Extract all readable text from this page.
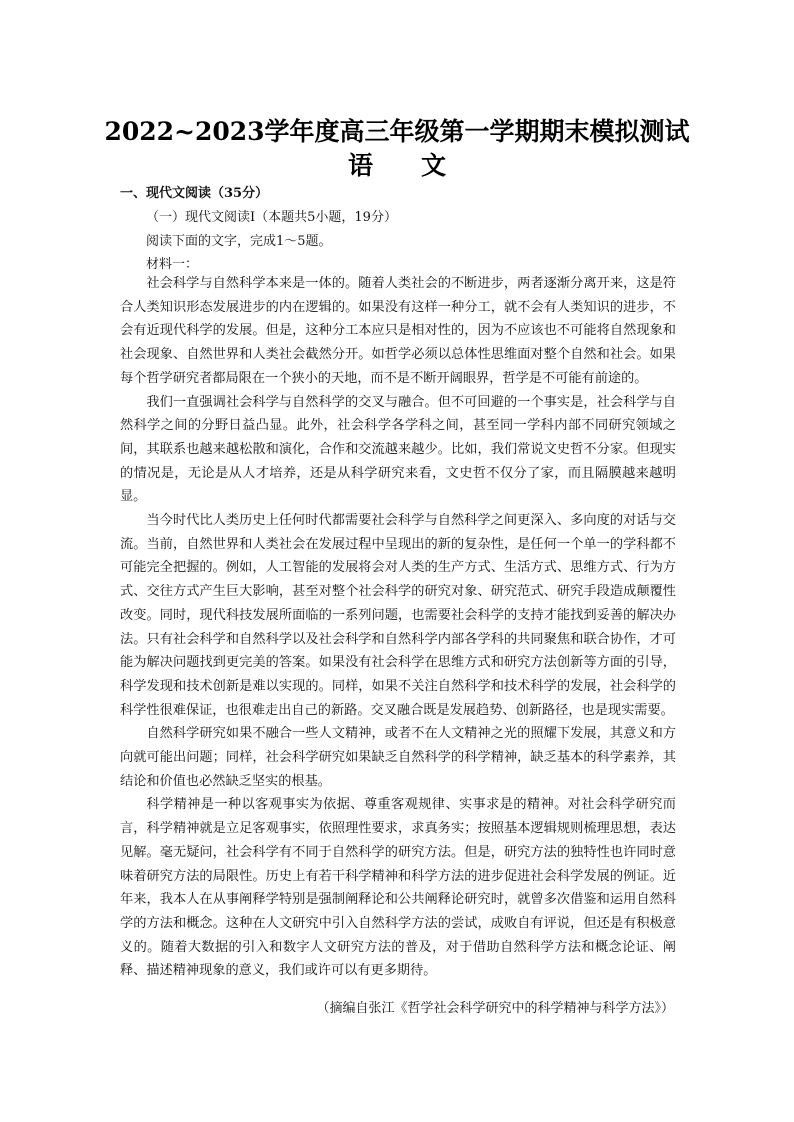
2022~2023学年度高三年级第一学期期末模拟测试
语文
一、现代文阅读（35分）
（一）现代文阅读Ⅰ（本题共5小题，19分）
阅读下面的文字，完成1～5题。
材料一：

社会科学与自然科学本来是一体的。随着人类社会的不断进步，两者逐渐分离开来，这是符合人类知识形态发展进步的内在逻辑的。如果没有这样一种分工，就不会有人类知识的进步，不会有近现代科学的发展。但是，这种分工本应只是相对性的，因为不应该也不可能将自然现象和社会现象、自然世界和人类社会截然分开。如哲学必须以总体性思维面对整个自然和社会。如果每个哲学研究者都局限在一个狭小的天地，而不是不断开阔眼界，哲学是不可能有前途的。

我们一直强调社会科学与自然科学的交叉与融合。但不可回避的一个事实是，社会科学与自然科学之间的分野日益凸显。此外，社会科学各学科之间，甚至同一学科内部不同研究领域之间，其联系也越来越松散和演化，合作和交流越来越少。比如，我们常说文史哲不分家。但现实的情况是，无论是从人才培养，还是从科学研究来看，文史哲不仅分了家，而且隔膜越来越明显。

当今时代比人类历史上任何时代都需要社会科学与自然科学之间更深入、多向度的对话与交流。当前，自然世界和人类社会在发展过程中呈现出的新的复杂性，是任何一个单一的学科都不可能完全把握的。例如，人工智能的发展将会对人类的生产方式、生活方式、思维方式、行为方式、交往方式产生巨大影响，甚至对整个社会科学的研究对象、研究范式、研究手段造成颠覆性改变。同时，现代科技发展所面临的一系列问题，也需要社会科学的支持才能找到妥善的解决办法。只有社会科学和自然科学以及社会科学和自然科学内部各学科的共同聚焦和联合协作，才可能为解决问题找到更完美的答案。如果没有社会科学在思维方式和研究方法创新等方面的引导，科学发现和技术创新是难以实现的。同样，如果不关注自然科学和技术科学的发展，社会科学的科学性很难保证，也很难走出自己的新路。交叉融合既是发展趋势、创新路径，也是现实需要。

自然科学研究如果不融合一些人文精神，或者不在人文精神之光的照耀下发展，其意义和方向就可能出问题；同样，社会科学研究如果缺乏自然科学的科学精神，缺乏基本的科学素养，其结论和价值也必然缺乏坚实的根基。

科学精神是一种以客观事实为依据、尊重客观规律、实事求是的精神。对社会科学研究而言，科学精神就是立足客观事实，依照理性要求，求真务实；按照基本逻辑规则梳理思想，表达见解。毫无疑问，社会科学有不同于自然科学的研究方法。但是，研究方法的独特性也许同时意味着研究方法的局限性。历史上有若干科学精神和科学方法的进步促进社会科学发展的例证。近年来，我本人在从事阐释学特别是强制阐释论和公共阐释论研究时，就曾多次借鉴和运用自然科学的方法和概念。这种在人文研究中引入自然科学方法的尝试，成败自有评说，但还是有积极意义的。随着大数据的引入和数字人文研究方法的普及，对于借助自然科学方法和概念论证、阐释、描述精神现象的意义，我们或许可以有更多期待。

（摘编自张江《哲学社会科学研究中的科学精神与科学方法》）
